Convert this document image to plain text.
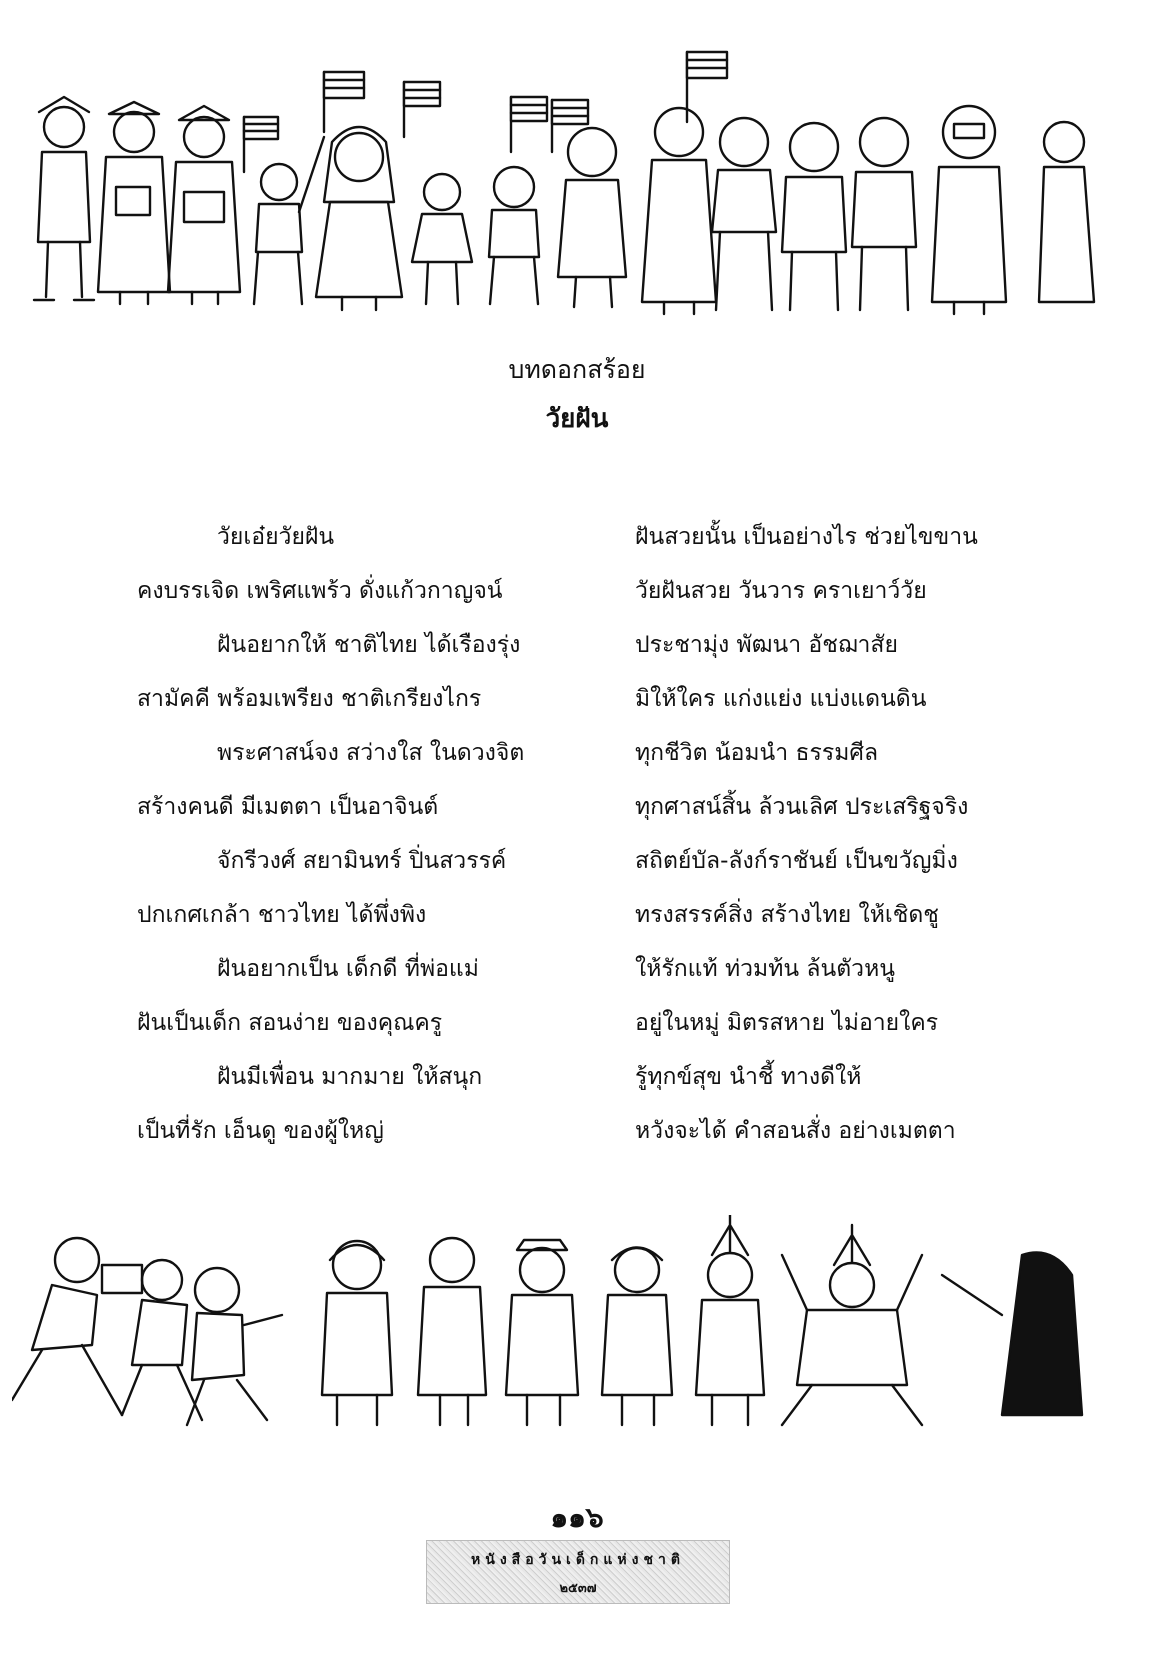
บทดอกสร้อย
วัยฝัน
วัยเอ๋ยวัยฝัน
คงบรรเจิด เพริศแพร้ว ดั่งแก้วกาญจน์
ฝันอยากให้ ชาติไทย ได้เรืองรุ่ง
สามัคคี พร้อมเพรียง ชาติเกรียงไกร
พระศาสน์จง สว่างใส ในดวงจิต
สร้างคนดี มีเมตตา เป็นอาจินต์
จักรีวงศ์ สยามินทร์ ปิ่นสวรรค์
ปกเกศเกล้า ชาวไทย ได้พึ่งพิง
ฝันอยากเป็น เด็กดี ที่พ่อแม่
ฝันเป็นเด็ก สอนง่าย ของคุณครู
ฝันมีเพื่อน มากมาย ให้สนุก
เป็นที่รัก เอ็นดู ของผู้ใหญ่
ฝันสวยนั้น เป็นอย่างไร ช่วยไขขาน
วัยฝันสวย วันวาร คราเยาว์วัย
ประชามุ่ง พัฒนา อัชฌาสัย
มิให้ใคร แก่งแย่ง แบ่งแดนดิน
ทุกชีวิต น้อมนำ ธรรมศีล
ทุกศาสน์สิ้น ล้วนเลิศ ประเสริฐจริง
สถิตย์บัล-ลังก์ราชันย์ เป็นขวัญมิ่ง
ทรงสรรค์สิ่ง สร้างไทย ให้เชิดชู
ให้รักแท้ ท่วมท้น ล้นตัวหนู
อยู่ในหมู่ มิตรสหาย ไม่อายใคร
รู้ทุกข์สุข นำชี้ ทางดีให้
หวังจะได้ คำสอนสั่ง อย่างเมตตา
๑๑๖
หนังสือวันเด็กแห่งชาติ
๒๕๓๗
